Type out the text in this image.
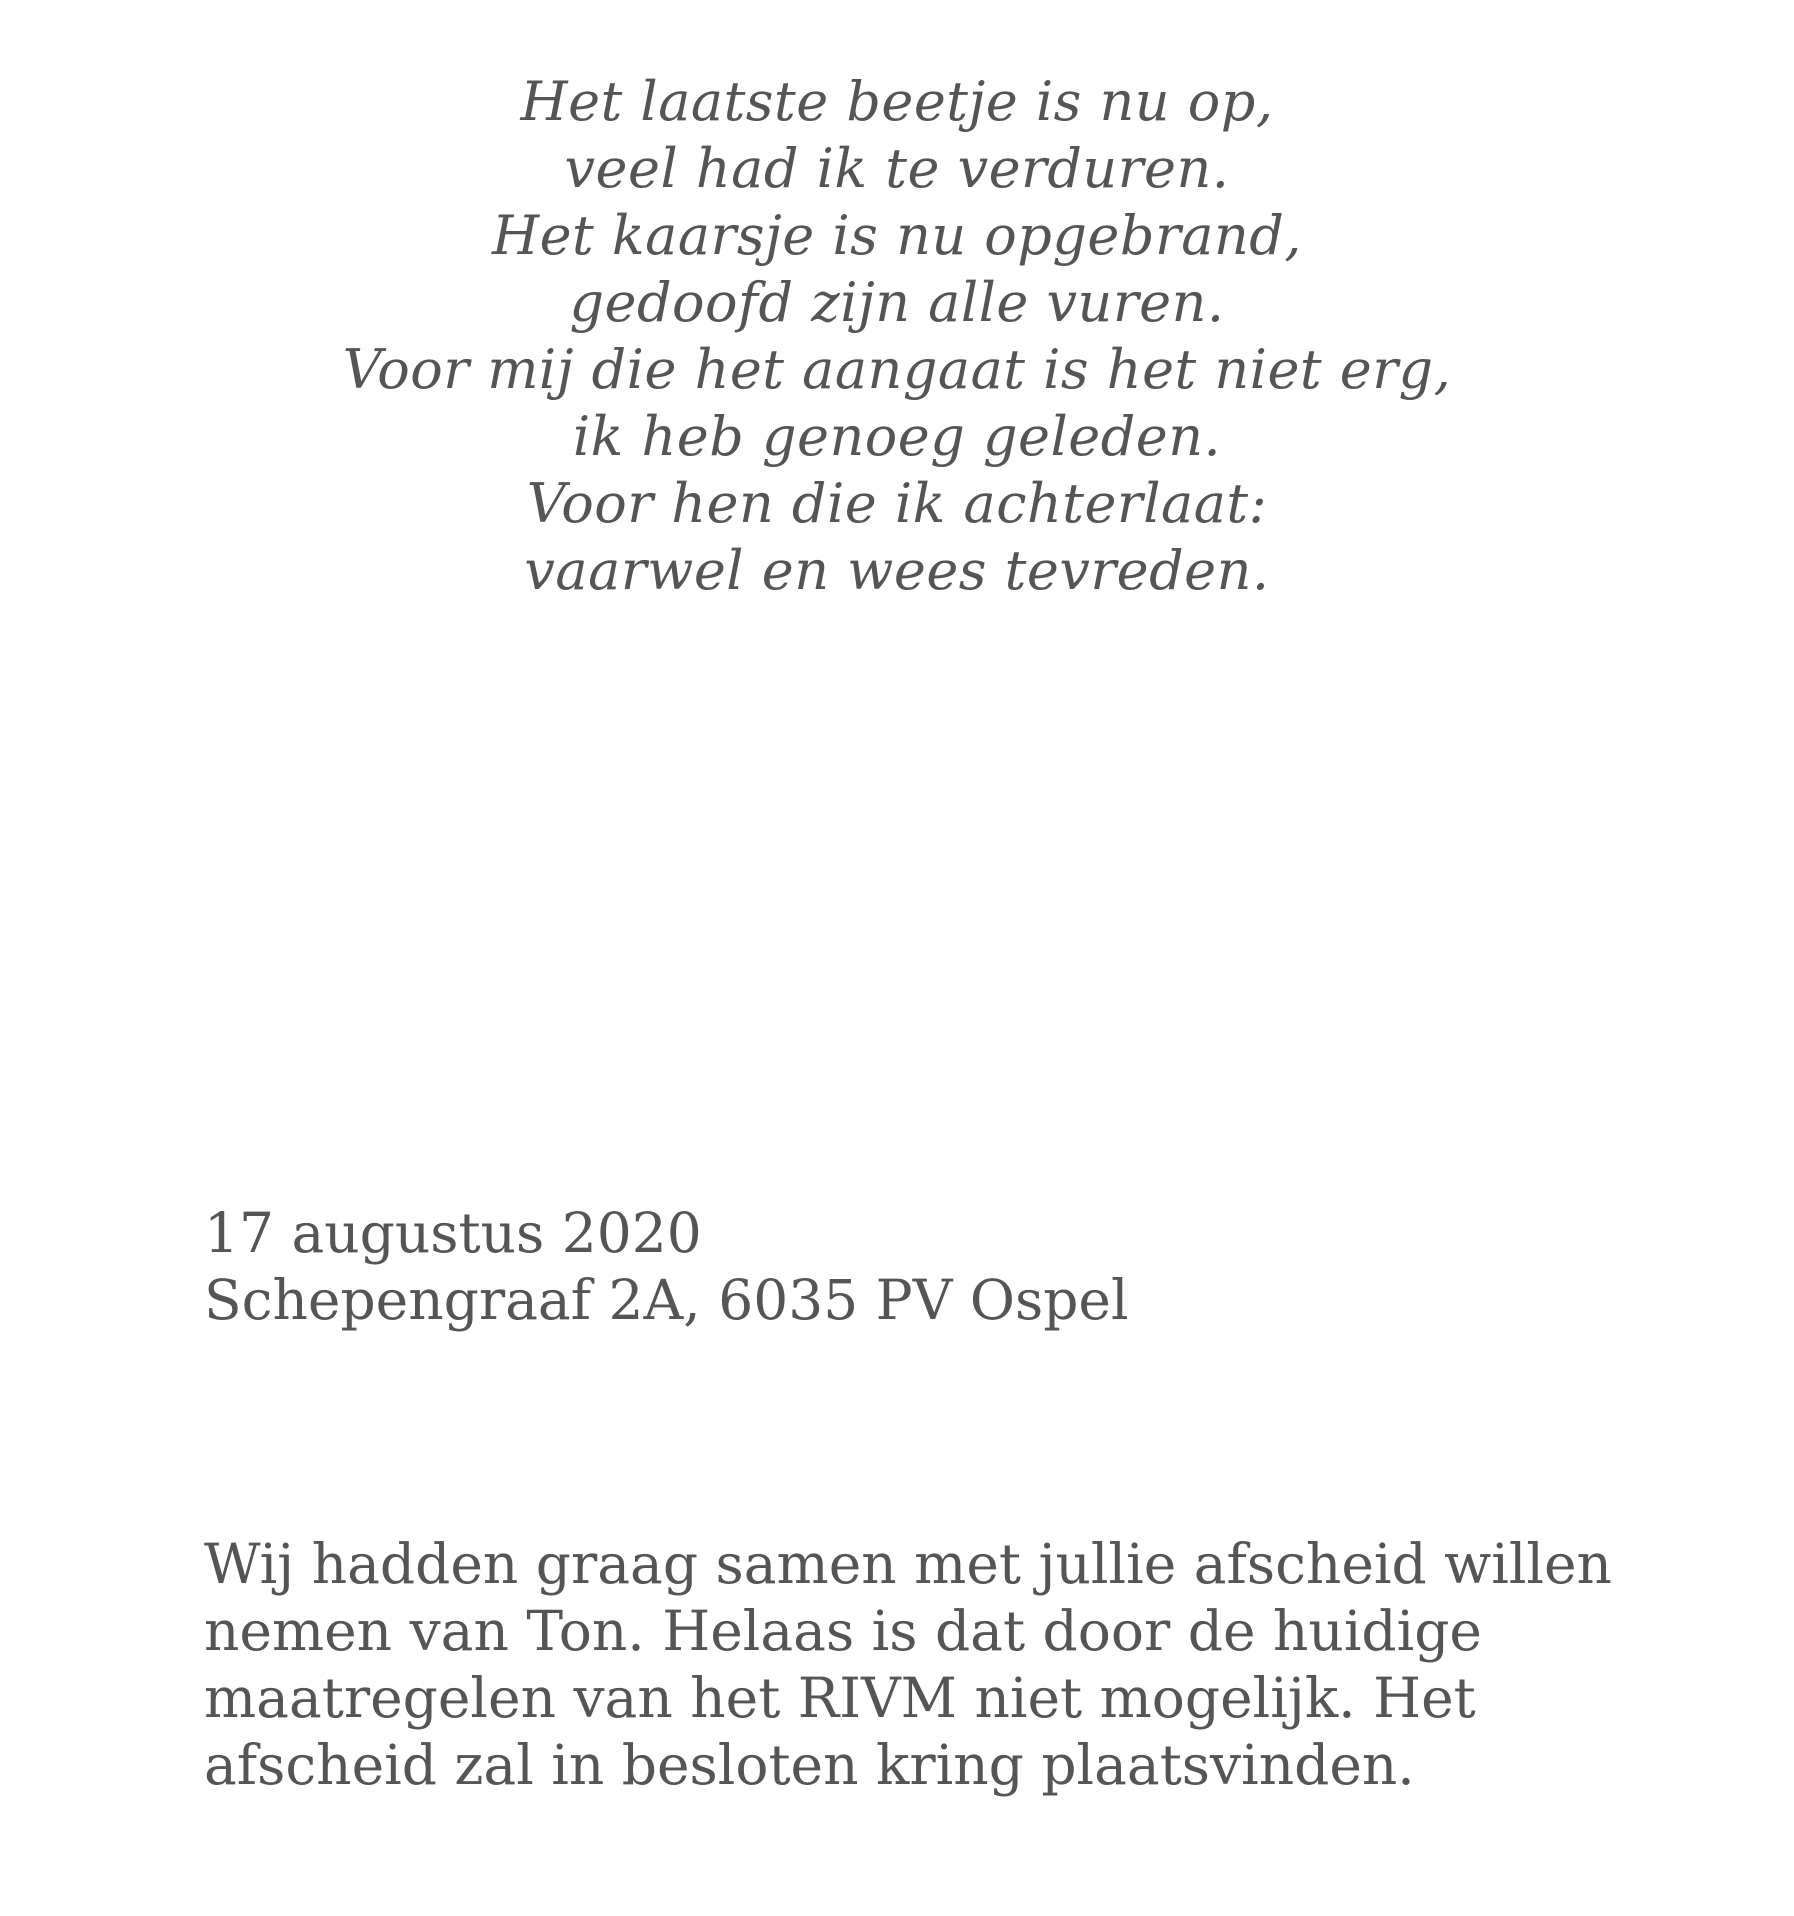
Het laatste beetje is nu op,
veel had ik te verduren.
Het kaarsje is nu opgebrand,
gedoofd zijn alle vuren.
Voor mij die het aangaat is het niet erg,
ik heb genoeg geleden.
Voor hen die ik achterlaat:
vaarwel en wees tevreden.
17 augustus 2020
Schepengraaf 2A, 6035 PV Ospel
Wij hadden graag samen met jullie afscheid willen
nemen van Ton. Helaas is dat door de huidige
maatregelen van het RIVM niet mogelijk. Het
afscheid zal in besloten kring plaatsvinden.
